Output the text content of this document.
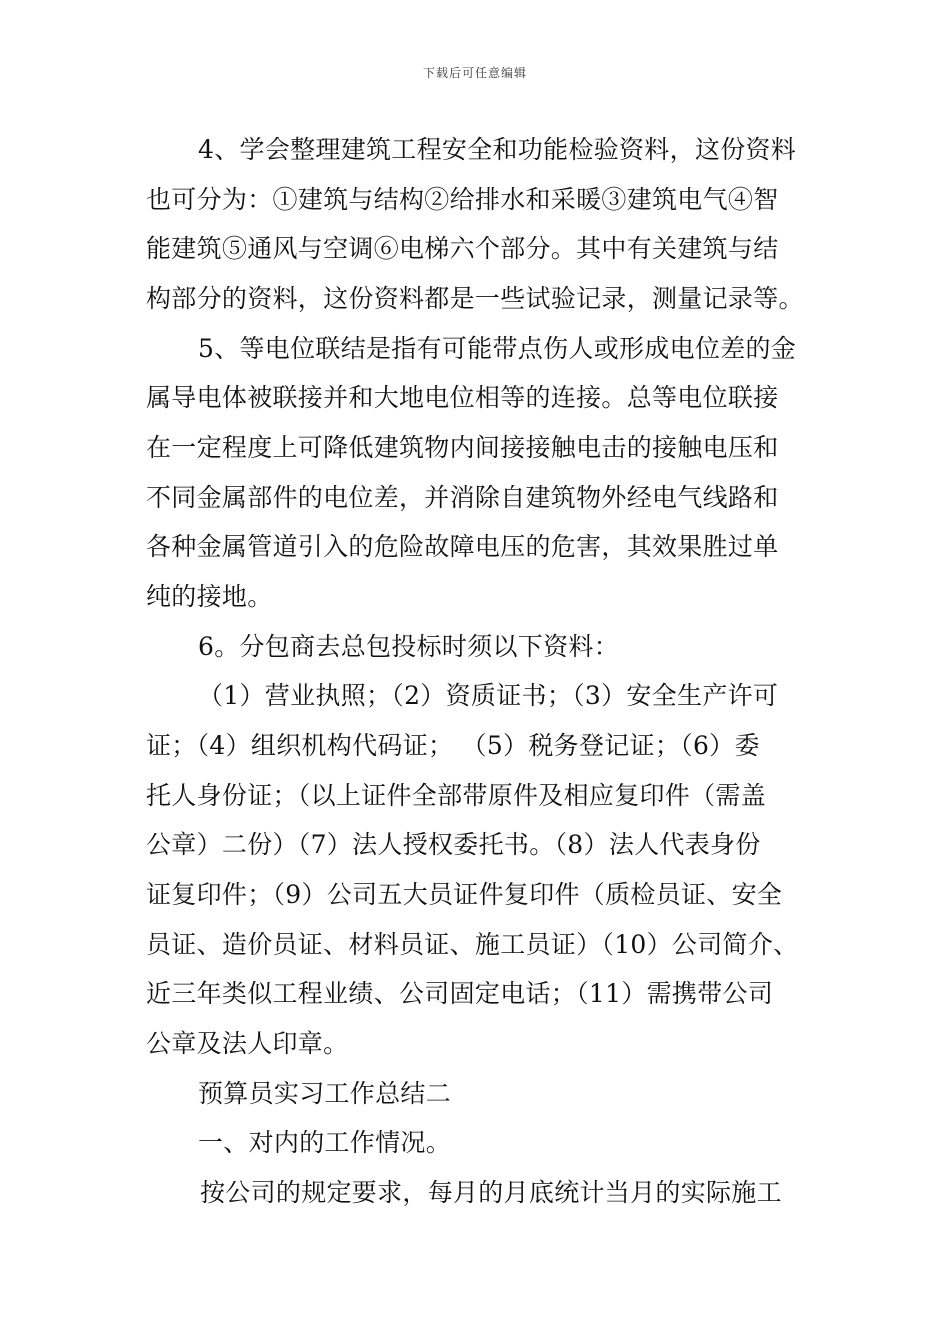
下载后可任意编辑
4、学会整理建筑工程安全和功能检验资料，这份资料
也可分为：①建筑与结构②给排水和采暖③建筑电气④智
能建筑⑤通风与空调⑥电梯六个部分。其中有关建筑与结
构部分的资料，这份资料都是一些试验记录，测量记录等。
5、等电位联结是指有可能带点伤人或形成电位差的金
属导电体被联接并和大地电位相等的连接。总等电位联接
在一定程度上可降低建筑物内间接接触电击的接触电压和
不同金属部件的电位差，并消除自建筑物外经电气线路和
各种金属管道引入的危险故障电压的危害，其效果胜过单
纯的接地。
6。分包商去总包投标时须以下资料：
（1）营业执照；（2）资质证书；（3）安全生产许可
证；（4）组织机构代码证； （5）税务登记证；（6）委
托人身份证；（以上证件全部带原件及相应复印件（需盖
公章）二份）（7）法人授权委托书。（8）法人代表身份
证复印件；（9）公司五大员证件复印件（质检员证、安全
员证、造价员证、材料员证、施工员证）（10）公司简介、
近三年类似工程业绩、公司固定电话；（11）需携带公司
公章及法人印章。
预算员实习工作总结二
一、对内的工作情况。
按公司的规定要求，每月的月底统计当月的实际施工
